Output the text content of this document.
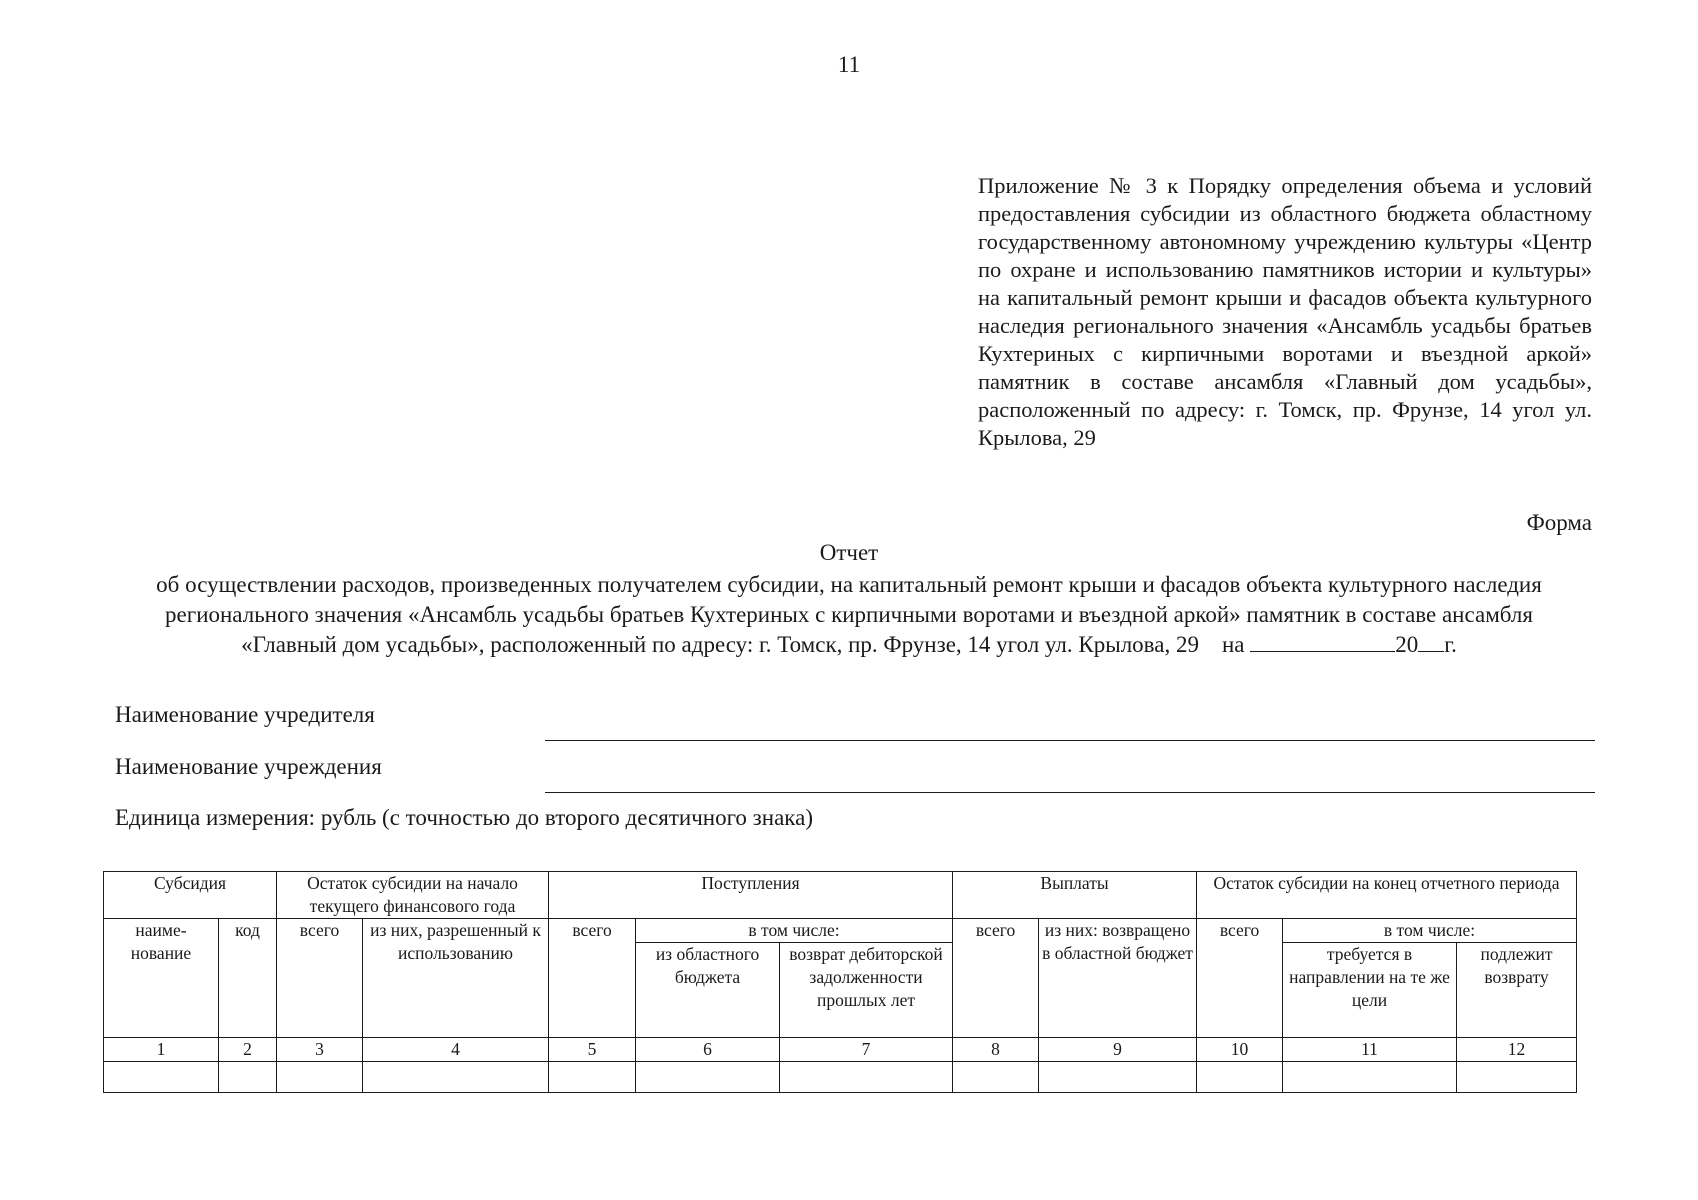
11
Приложение № 3 к Порядку определения объема и условий предоставления субсидии из областного бюджета областному государственному автономному учреждению культуры «Центр по охране и использованию памятников истории и культуры» на капитальный ремонт крыши и фасадов объекта культурного наследия регионального значения «Ансамбль усадьбы братьев Кухтериных с кирпичными воротами и въездной аркой» памятник в составе ансамбля «Главный дом усадьбы», расположенный по адресу: г. Томск, пр. Фрунзе, 14 угол ул. Крылова, 29
Форма
Отчет
об осуществлении расходов, произведенных получателем субсидии, на капитальный ремонт крыши и фасадов объекта культурного наследия регионального значения «Ансамбль усадьбы братьев Кухтериных с кирпичными воротами и въездной аркой» памятник в составе ансамбля «Главный дом усадьбы», расположенный по адресу: г. Томск, пр. Фрунзе, 14 угол ул. Крылова, 29 на	20 г.
Наименование учредителя
Наименование учреждения
Единица измерения: рубль (с точностью до второго десятичного знака)
Субсидия		Остаток субсидии на начало текущего финансового года		Поступления			Выплаты		Остаток субсидии на конец отчетного периода		
наиме-нование	код	всего	из них, разрешенный к использованию	всего	в том числе:		всего	из них: возвращено в областной бюджет	всего	в том числе:	
					из областного бюджета	возврат дебиторской задолженности прошлых лет				требуется в направлении на те же цели	подлежит возврату
1	2	3	4	5	6	7	8	9	10	11	12
